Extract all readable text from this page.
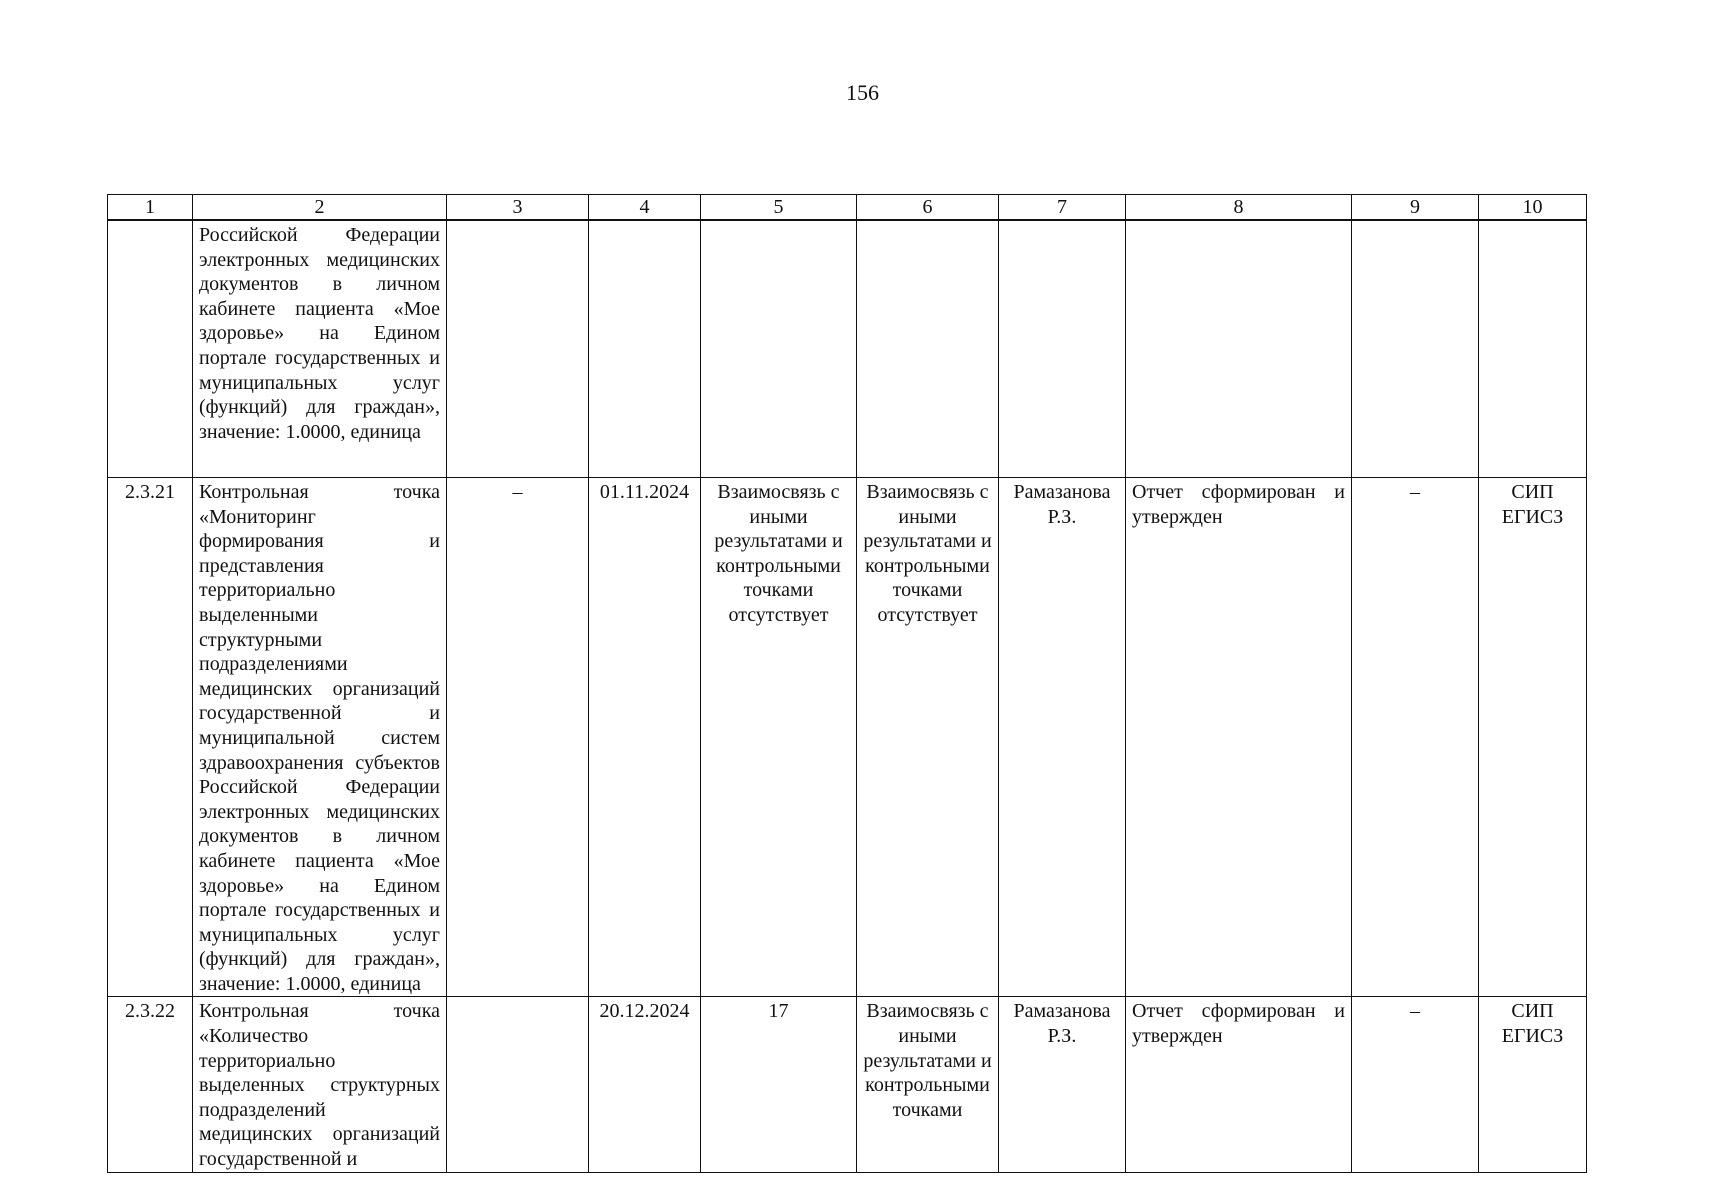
156
1	2	3	4	5	6	7	8	9	10
	Российской Федерации электронных медицинских документов в личном кабинете пациента «Мое здоровье» на Едином портале государственных и муниципальных услуг (функций) для граждан», значение: 1.0000, единица								
2.3.21	Контрольная точка «Мониторинг формирования и представления территориально выделенными структурными подразделениями медицинских организаций государственной и муниципальной систем здравоохранения субъектов Российской Федерации электронных медицинских документов в личном кабинете пациента «Мое здоровье» на Едином портале государственных и муниципальных услуг (функций) для граждан», значение: 1.0000, единица	–	01.11.2024	Взаимосвязь с иными результатами и контрольными точками отсутствует	Взаимосвязь с иными результатами и контрольными точками отсутствует	Рамазанова Р.З.	Отчет сформирован и утвержден	–	СИП ЕГИСЗ
2.3.22	Контрольная точка «Количество территориально выделенных структурных подразделений медицинских организаций государственной и		20.12.2024	17	Взаимосвязь с иными результатами и контрольными точками	Рамазанова Р.З.	Отчет сформирован и утвержден	–	СИП ЕГИСЗ
